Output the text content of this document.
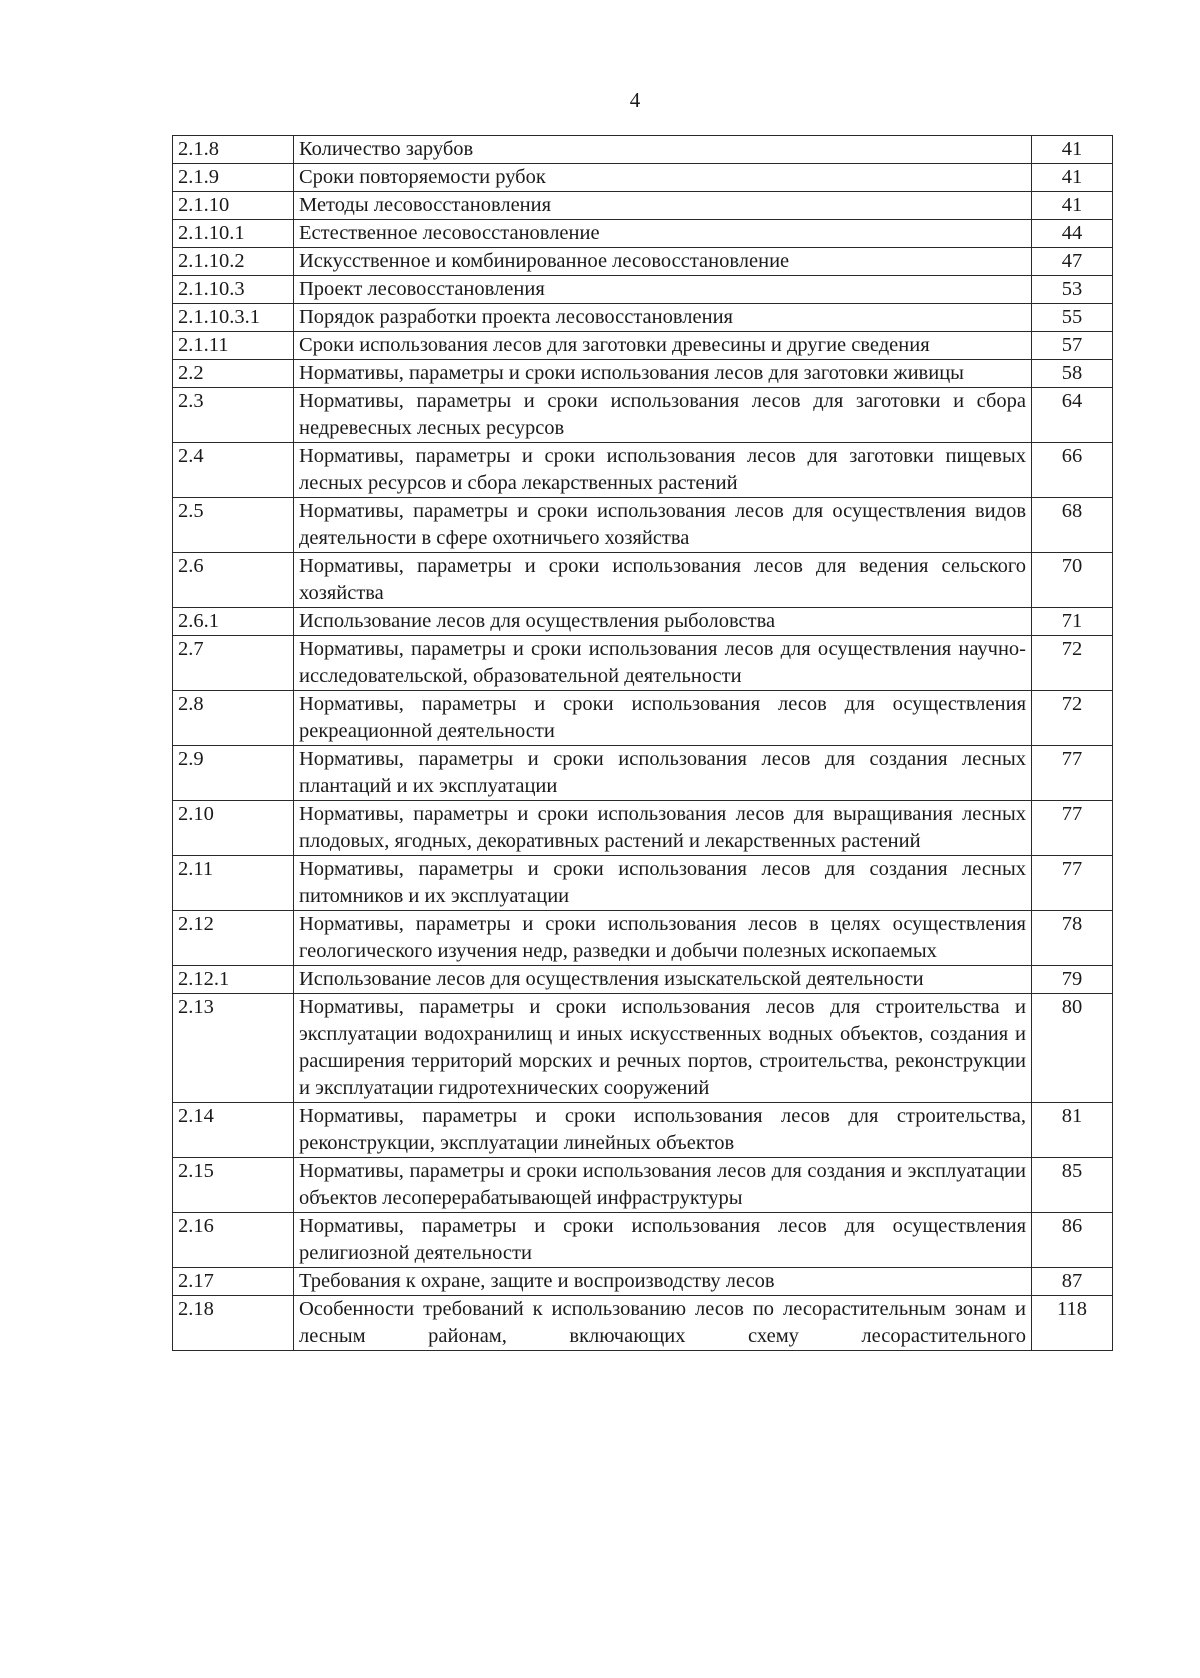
4
2.1.8	Количество зарубов	41
2.1.9	Сроки повторяемости рубок	41
2.1.10	Методы лесовосстановления	41
2.1.10.1	Естественное лесовосстановление	44
2.1.10.2	Искусственное и комбинированное лесовосстановление	47
2.1.10.3	Проект лесовосстановления	53
2.1.10.3.1	Порядок разработки проекта лесовосстановления	55
2.1.11	Сроки использования лесов для заготовки древесины и другие сведения	57
2.2	Нормативы, параметры и сроки использования лесов для заготовки живицы	58
2.3	Нормативы, параметры и сроки использования лесов для заготовки и сбора недревесных лесных ресурсов	64
2.4	Нормативы, параметры и сроки использования лесов для заготовки пищевых лесных ресурсов и сбора лекарственных растений	66
2.5	Нормативы, параметры и сроки использования лесов для осуществления видов деятельности в сфере охотничьего хозяйства	68
2.6	Нормативы, параметры и сроки использования лесов для ведения сельского хозяйства	70
2.6.1	Использование лесов для осуществления рыболовства	71
2.7	Нормативы, параметры и сроки использования лесов для осуществления научно-исследовательской, образовательной деятельности	72
2.8	Нормативы, параметры и сроки использования лесов для осуществления рекреационной деятельности	72
2.9	Нормативы, параметры и сроки использования лесов для создания лесных плантаций и их эксплуатации	77
2.10	Нормативы, параметры и сроки использования лесов для выращивания лесных плодовых, ягодных, декоративных растений и лекарственных растений	77
2.11	Нормативы, параметры и сроки использования лесов для создания лесных питомников и их эксплуатации	77
2.12	Нормативы, параметры и сроки использования лесов в целях осуществления геологического изучения недр, разведки и добычи полезных ископаемых	78
2.12.1	Использование лесов для осуществления изыскательской деятельности	79
2.13	Нормативы, параметры и сроки использования лесов для строительства и эксплуатации водохранилищ и иных искусственных водных объектов, создания и расширения территорий морских и речных портов, строительства, реконструкции и эксплуатации гидротехнических сооружений	80
2.14	Нормативы, параметры и сроки использования лесов для строительства, реконструкции, эксплуатации линейных объектов	81
2.15	Нормативы, параметры и сроки использования лесов для создания и эксплуатации объектов лесоперерабатывающей инфраструктуры	85
2.16	Нормативы, параметры и сроки использования лесов для осуществления религиозной деятельности	86
2.17	Требования к охране, защите и воспроизводству лесов	87
2.18	Особенности требований к использованию лесов по лесорастительным зонам и лесным районам, включающих схему лесорастительного	118
